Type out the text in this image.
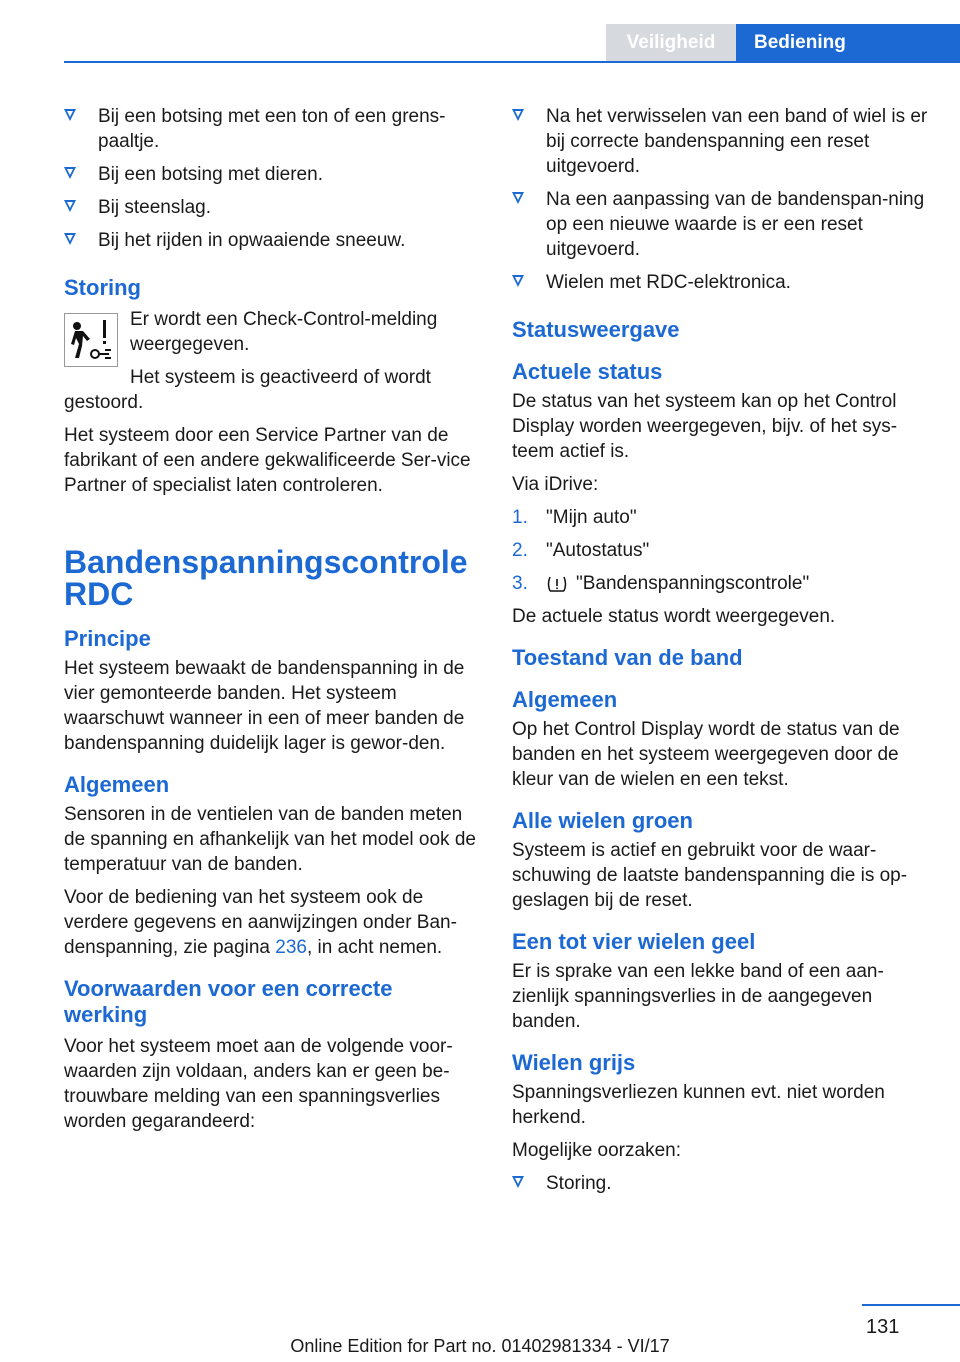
Veiligheid	Bediening
Bij een botsing met een ton of een grens-paaltje.
Bij een botsing met dieren.
Bij steenslag.
Bij het rijden in opwaaiende sneeuw.
Storing

Er wordt een Check-Control-melding weergegeven.

Het systeem is geactiveerd of wordt gestoord.

Het systeem door een Service Partner van de fabrikant of een andere gekwalificeerde Ser-vice Partner of specialist laten controleren.

Bandenspanningscontrole RDC
Principe

Het systeem bewaakt de bandenspanning in de vier gemonteerde banden. Het systeem waarschuwt wanneer in een of meer banden de bandenspanning duidelijk lager is gewor-den.

Algemeen

Sensoren in de ventielen van de banden meten de spanning en afhankelijk van het model ook de temperatuur van de banden.

Voor de bediening van het systeem ook de verdere gegevens en aanwijzingen onder Ban-denspanning, zie pagina 236, in acht nemen.

Voorwaarden voor een correcte werking

Voor het systeem moet aan de volgende voor-waarden zijn voldaan, anders kan er geen be-trouwbare melding van een spanningsverlies worden gegarandeerd:

Na het verwisselen van een band of wiel is er bij correcte bandenspanning een reset uitgevoerd.
Na een aanpassing van de bandenspan-ning op een nieuwe waarde is er een reset uitgevoerd.
Wielen met RDC-elektronica.
Statusweergave
Actuele status

De status van het systeem kan op het Control Display worden weergegeven, bijv. of het sys-teem actief is.

Via iDrive:

1. "Mijn auto"
2. "Autostatus"
3.	"Bandenspanningscontrole"

De actuele status wordt weergegeven.

Toestand van de band
Algemeen

Op het Control Display wordt de status van de banden en het systeem weergegeven door de kleur van de wielen en een tekst.

Alle wielen groen

Systeem is actief en gebruikt voor de waar-schuwing de laatste bandenspanning die is op-geslagen bij de reset.

Een tot vier wielen geel

Er is sprake van een lekke band of een aan-zienlijk spanningsverlies in de aangegeven banden.

Wielen grijs

Spanningsverliezen kunnen evt. niet worden herkend.

Mogelijke oorzaken:

Storing.
131
Online Edition for Part no. 01402981334 - VI/17
